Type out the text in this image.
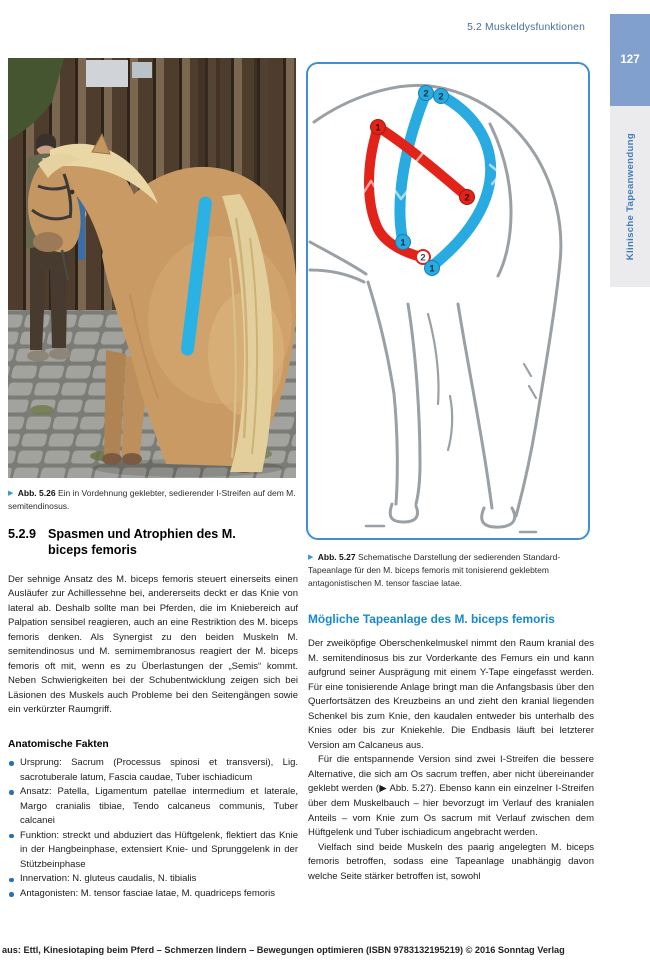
5.2 Muskeldysfunktionen
127
Klinische Tapeanwendung
2 2
1
2
1
2
1
▶ Abb. 5.26 Ein in Vordehnung geklebter, sedierender I-Streifen auf dem M. semitendinosus.
5.2.9 Spasmen und Atrophien des M. biceps femoris

Der sehnige Ansatz des M. biceps femoris steuert einerseits einen Ausläufer zur Achillessehne bei, andererseits deckt er das Knie von lateral ab. Deshalb sollte man bei Pferden, die im Kniebereich auf Palpation sensibel reagieren, auch an eine Restriktion des M. biceps femoris denken. Als Synergist zu den beiden Muskeln M. semitendinosus und M. semimembranosus reagiert der M. biceps femoris oft mit, wenn es zu Überlastungen der „Semis“ kommt. Neben Schwierigkeiten bei der Schubentwicklung zeigen sich bei Läsionen des Muskels auch Probleme bei den Seitengängen sowie ein verkürzter Raumgriff.

Anatomische Fakten
Ursprung: Sacrum (Processus spinosi et transversi), Lig. sacrotuberale latum, Fascia caudae, Tuber ischiadicum
Ansatz: Patella, Ligamentum patellae intermedium et laterale, Margo cranialis tibiae, Tendo calcaneus communis, Tuber calcanei
Funktion: streckt und abduziert das Hüftgelenk, flektiert das Knie in der Hangbeinphase, extensiert Knie- und Sprunggelenk in der Stützbeinphase
Innervation: N. gluteus caudalis, N. tibialis
Antagonisten: M. tensor fasciae latae, M. quadriceps femoris
▶ Abb. 5.27 Schematische Darstellung der sedierenden Standard-Tapeanlage für den M. biceps femoris mit tonisierend geklebtem antagonistischen M. tensor fasciae latae.
Mögliche Tapeanlage des M. biceps femoris

Der zweiköpfige Oberschenkelmuskel nimmt den Raum kranial des M. semitendinosus bis zur Vorderkante des Femurs ein und kann aufgrund seiner Ausprägung mit einem Y-Tape eingefasst werden. Für eine tonisierende Anlage bringt man die Anfangsbasis über den Querfortsätzen des Kreuzbeins an und zieht den kranial liegenden Schenkel bis zum Knie, den kaudalen entweder bis unterhalb des Knies oder bis zur Kniekehle. Die Endbasis läuft bei letzterer Version am Calcaneus aus.

Für die entspannende Version sind zwei I-Streifen die bessere Alternative, die sich am Os sacrum treffen, aber nicht übereinander geklebt werden (▶ Abb. 5.27). Ebenso kann ein einzelner I-Streifen über dem Muskelbauch – hier bevorzugt im Verlauf des kranialen Anteils – vom Knie zum Os sacrum mit Verlauf zwischen dem Hüftgelenk und Tuber ischiadicum angebracht werden.

Vielfach sind beide Muskeln des paarig angelegten M. biceps femoris betroffen, sodass eine Tapeanlage unabhängig davon welche Seite stärker betroffen ist, sowohl

aus: Ettl, Kinesiotaping beim Pferd – Schmerzen lindern – Bewegungen optimieren (ISBN 9783132195219) © 2016 Sonntag Verlag
